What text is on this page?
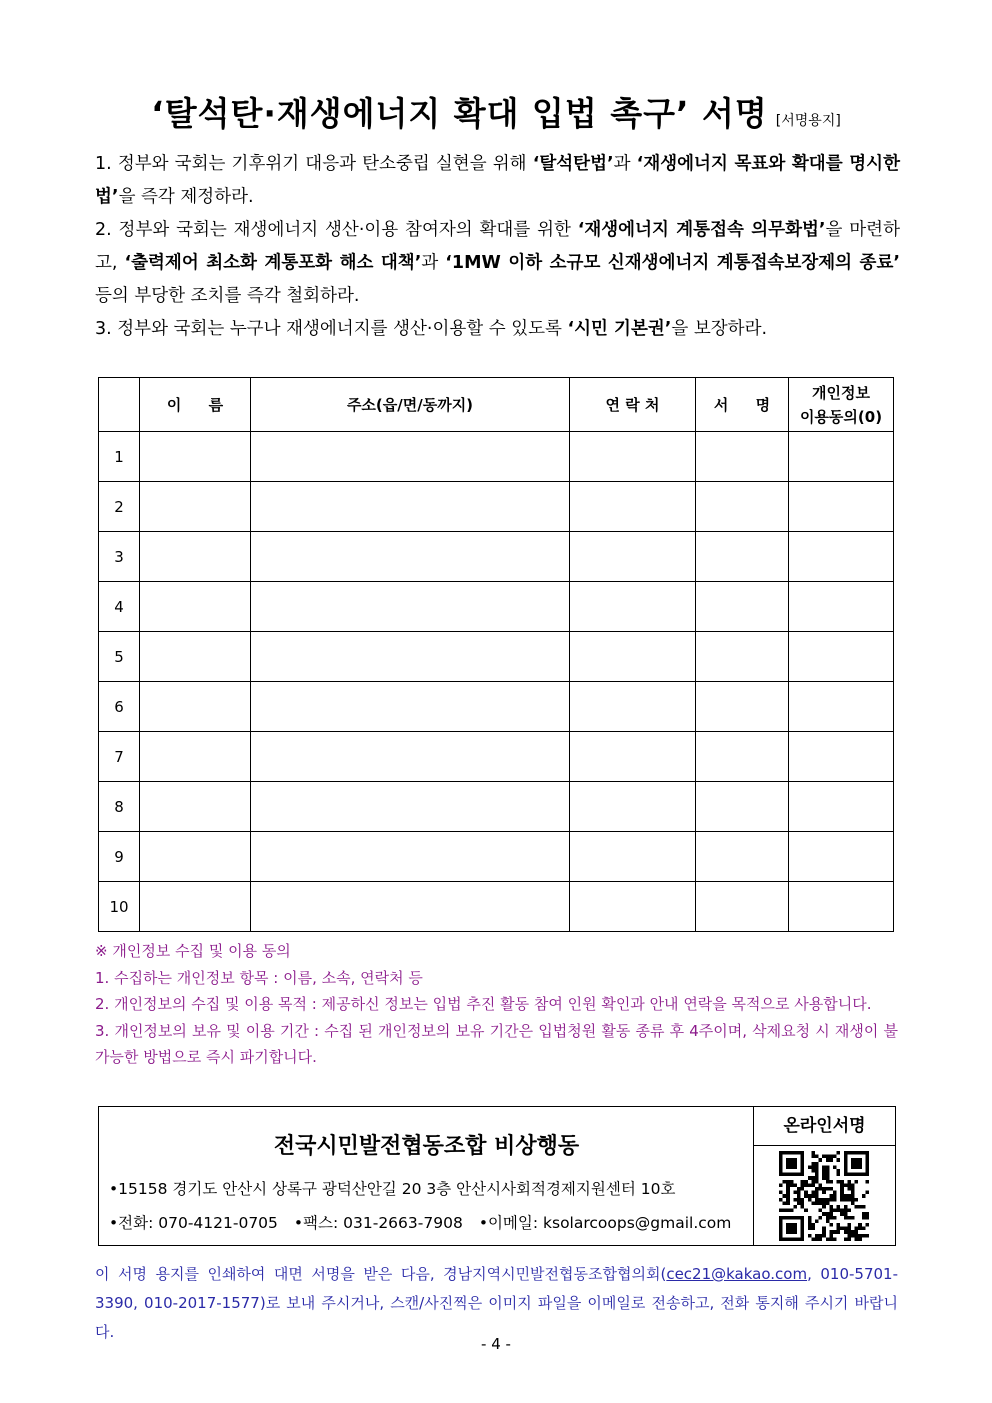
‘탈석탄·재생에너지 확대 입법 촉구’ 서명 [서명용지]

1. 정부와 국회는 기후위기 대응과 탄소중립 실현을 위해 ‘탈석탄법’과 ‘재생에너지 목표와 확대를 명시한 법’을 즉각 제정하라.

2. 정부와 국회는 재생에너지 생산·이용 참여자의 확대를 위한 ‘재생에너지 계통접속 의무화법’을 마련하고, ‘출력제어 최소화 계통포화 해소 대책’과 ‘1MW 이하 소규모 신재생에너지 계통접속보장제의 종료’ 등의 부당한 조치를 즉각 철회하라.

3. 정부와 국회는 누구나 재생에너지를 생산·이용할 수 있도록 ‘시민 기본권’을 보장하라.

	이 름	주소(읍/면/동까지)	연 락 처	서 명	개인정보
이용동의(0)

1					
2					
3					
4					
5					
6					
7					
8					
9					
10					

※ 개인정보 수집 및 이용 동의

1. 수집하는 개인정보 항목 : 이름, 소속, 연락처 등

2. 개인정보의 수집 및 이용 목적 : 제공하신 정보는 입법 추진 활동 참여 인원 확인과 안내 연락을 목적으로 사용합니다.

3. 개인정보의 보유 및 이용 기간 : 수집 된 개인정보의 보유 기간은 입법청원 활동 종류 후 4주이며, 삭제요청 시 재생이 불가능한 방법으로 즉시 파기합니다.

전국시민발전협동조합 비상행동
•15158 경기도 안산시 상록구 광덕산안길 20 3층 안산시사회적경제지원센터 10호
•전화: 070-4121-0705 •팩스: 031-2663-7908 •이메일: ksolarcoops@gmail.com
온라인서명
이 서명 용지를 인쇄하여 대면 서명을 받은 다음, 경남지역시민발전협동조합협의회(cec21@kakao.com, 010-5701-3390, 010-2017-1577)로 보내 주시거나, 스캔/사진찍은 이미지 파일을 이메일로 전송하고, 전화 통지해 주시기 바랍니다.
- 4 -
